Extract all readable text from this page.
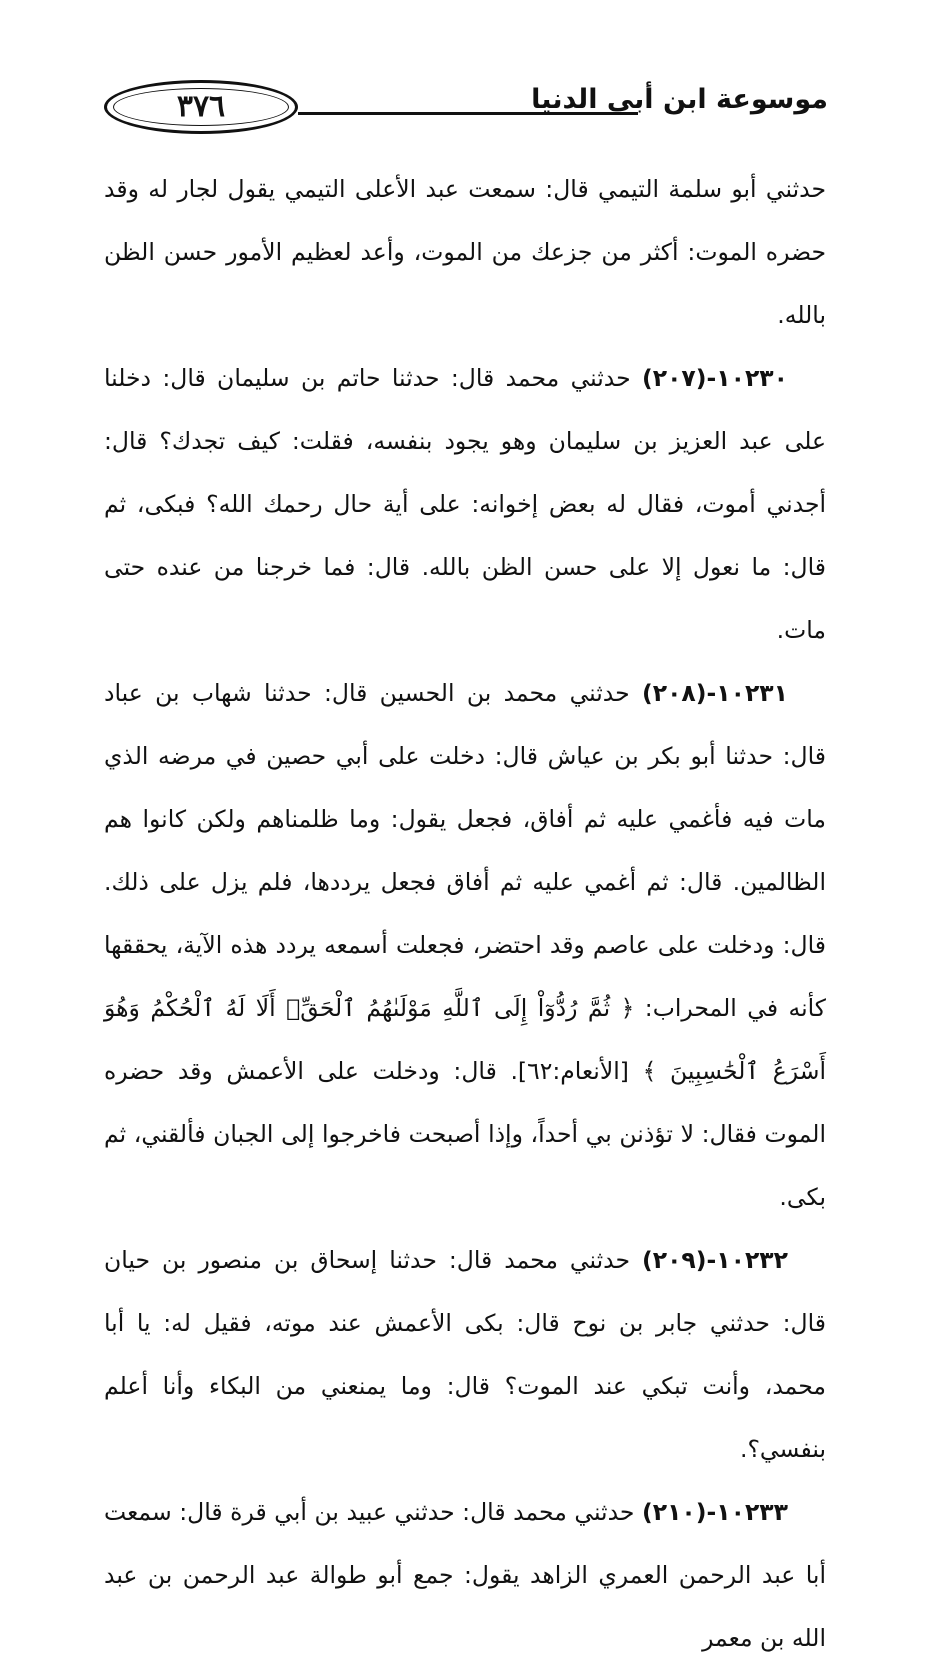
٣٧٦	موسوعة ابن أبي الدنيا

حدثني أبو سلمة التيمي قال: سمعت عبد الأعلى التيمي يقول لجار له وقد حضره الموت: أكثر من جزعك من الموت، وأعد لعظيم الأمور حسن الظن بالله.

١٠٢٣٠-(٢٠٧) حدثني محمد قال: حدثنا حاتم بن سليمان قال: دخلنا على عبد العزيز بن سليمان وهو يجود بنفسه، فقلت: كيف تجدك؟ قال: أجدني أموت، فقال له بعض إخوانه: على أية حال رحمك الله؟ فبكى، ثم قال: ما نعول إلا على حسن الظن بالله. قال: فما خرجنا من عنده حتى مات.

١٠٢٣١-(٢٠٨) حدثني محمد بن الحسين قال: حدثنا شهاب بن عباد قال: حدثنا أبو بكر بن عياش قال: دخلت على أبي حصين في مرضه الذي مات فيه فأغمي عليه ثم أفاق، فجعل يقول: وما ظلمناهم ولكن كانوا هم الظالمين. قال: ثم أغمي عليه ثم أفاق فجعل يرددها، فلم يزل على ذلك. قال: ودخلت على عاصم وقد احتضر، فجعلت أسمعه يردد هذه الآية، يحققها كأنه في المحراب: ﴿ ثُمَّ رُدُّوٓاْ إِلَى ٱللَّهِ مَوْلَىٰهُمُ ٱلْحَقِّۚ أَلَا لَهُ ٱلْحُكْمُ وَهُوَ أَسْرَعُ ٱلْحَٰسِبِينَ ﴾ [الأنعام:٦٢]. قال: ودخلت على الأعمش وقد حضره الموت فقال: لا تؤذنن بي أحداً، وإذا أصبحت فاخرجوا إلى الجبان فألقني، ثم بكى.

١٠٢٣٢-(٢٠٩) حدثني محمد قال: حدثنا إسحاق بن منصور بن حيان قال: حدثني جابر بن نوح قال: بكى الأعمش عند موته، فقيل له: يا أبا محمد، وأنت تبكي عند الموت؟ قال: وما يمنعني من البكاء وأنا أعلم بنفسي؟.

١٠٢٣٣-(٢١٠) حدثني محمد قال: حدثني عبيد بن أبي قرة قال: سمعت أبا عبد الرحمن العمري الزاهد يقول: جمع أبو طوالة عبد الرحمن بن عبد الله بن معمر
